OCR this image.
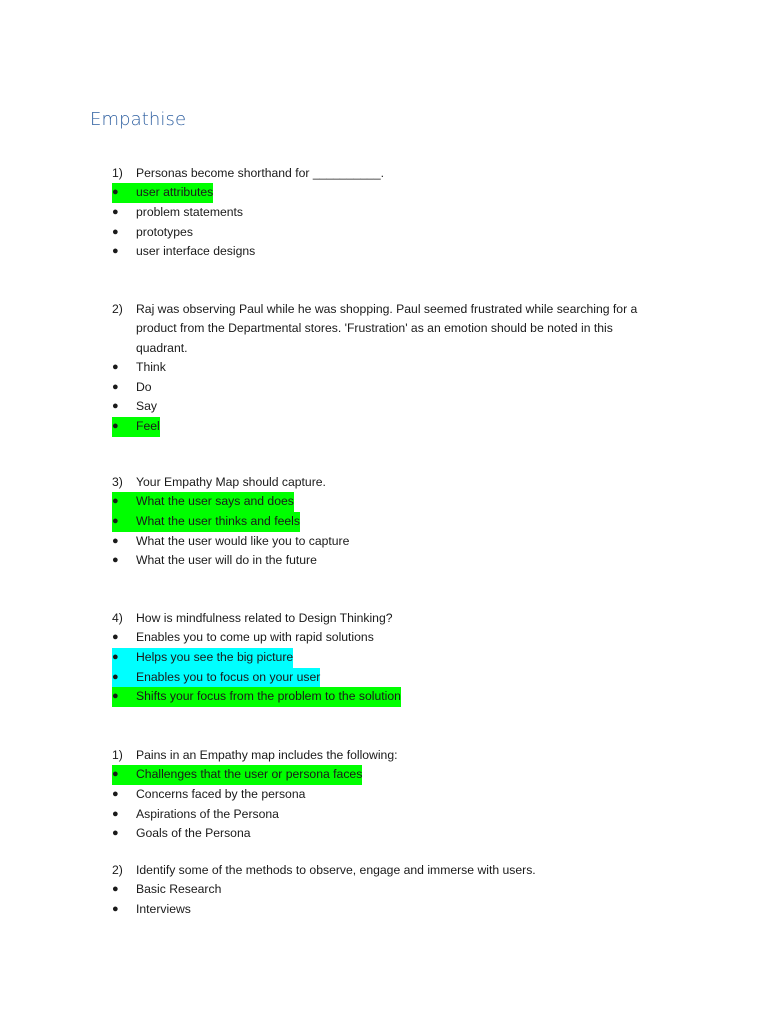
Empathise
1) Personas become shorthand for __________.
●	user attributes
● problem statements
● prototypes
● user interface designs
2) Raj was observing Paul while he was shopping. Paul seemed frustrated while searching for a
product from the Departmental stores. 'Frustration' as an emotion should be noted in this
quadrant.
● Think
● Do
● Say
●	Feel
3) Your Empathy Map should capture.
●	What the user says and does
●	What the user thinks and feels
● What the user would like you to capture
● What the user will do in the future
4) How is mindfulness related to Design Thinking?
● Enables you to come up with rapid solutions
●	Helps you see the big picture
●	Enables you to focus on your user
●	Shifts your focus from the problem to the solution
1) Pains in an Empathy map includes the following:
●	Challenges that the user or persona faces
● Concerns faced by the persona
● Aspirations of the Persona
● Goals of the Persona
2) Identify some of the methods to observe, engage and immerse with users.
● Basic Research
● Interviews
